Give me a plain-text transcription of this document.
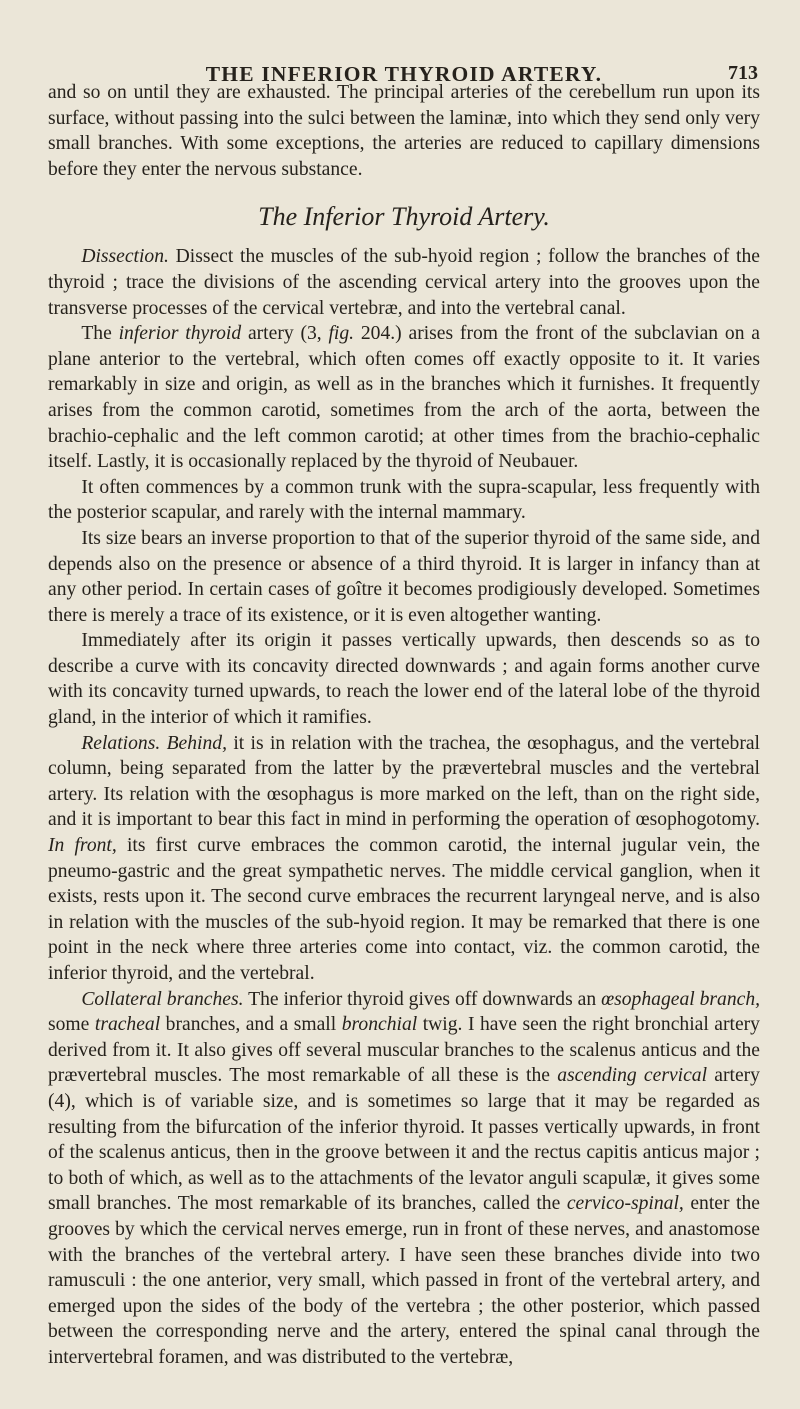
THE INFERIOR THYROID ARTERY.	713

and so on until they are exhausted. The principal arteries of the cerebellum run upon its surface, without passing into the sulci between the laminæ, into which they send only very small branches. With some exceptions, the arteries are reduced to capillary dimensions before they enter the nervous substance.

The Inferior Thyroid Artery.

Dissection. Dissect the muscles of the sub-hyoid region ; follow the branches of the thyroid ; trace the divisions of the ascending cervical artery into the grooves upon the transverse processes of the cervical vertebræ, and into the vertebral canal.

The inferior thyroid artery (3, fig. 204.) arises from the front of the subclavian on a plane anterior to the vertebral, which often comes off exactly opposite to it. It varies remarkably in size and origin, as well as in the branches which it furnishes. It frequently arises from the common carotid, sometimes from the arch of the aorta, between the brachio-cephalic and the left common carotid; at other times from the brachio-cephalic itself. Lastly, it is occasionally replaced by the thyroid of Neubauer.

It often commences by a common trunk with the supra-scapular, less frequently with the posterior scapular, and rarely with the internal mammary.

Its size bears an inverse proportion to that of the superior thyroid of the same side, and depends also on the presence or absence of a third thyroid. It is larger in infancy than at any other period. In certain cases of goître it becomes prodigiously developed. Sometimes there is merely a trace of its existence, or it is even altogether wanting.

Immediately after its origin it passes vertically upwards, then descends so as to describe a curve with its concavity directed downwards ; and again forms another curve with its concavity turned upwards, to reach the lower end of the lateral lobe of the thyroid gland, in the interior of which it ramifies.

Relations. Behind, it is in relation with the trachea, the œsophagus, and the vertebral column, being separated from the latter by the prævertebral muscles and the vertebral artery. Its relation with the œsophagus is more marked on the left, than on the right side, and it is important to bear this fact in mind in performing the operation of œsophogotomy. In front, its first curve embraces the common carotid, the internal jugular vein, the pneumo-gastric and the great sympathetic nerves. The middle cervical ganglion, when it exists, rests upon it. The second curve embraces the recurrent laryngeal nerve, and is also in relation with the muscles of the sub-hyoid region. It may be remarked that there is one point in the neck where three arteries come into contact, viz. the common carotid, the inferior thyroid, and the vertebral.

Collateral branches. The inferior thyroid gives off downwards an œsophageal branch, some tracheal branches, and a small bronchial twig. I have seen the right bronchial artery derived from it. It also gives off several muscular branches to the scalenus anticus and the prævertebral muscles. The most remarkable of all these is the ascending cervical artery (4), which is of variable size, and is sometimes so large that it may be regarded as resulting from the bifurcation of the inferior thyroid. It passes vertically upwards, in front of the scalenus anticus, then in the groove between it and the rectus capitis anticus major ; to both of which, as well as to the attachments of the levator anguli scapulæ, it gives some small branches. The most remarkable of its branches, called the cervico-spinal, enter the grooves by which the cervical nerves emerge, run in front of these nerves, and anastomose with the branches of the vertebral artery. I have seen these branches divide into two ramusculi : the one anterior, very small, which passed in front of the vertebral artery, and emerged upon the sides of the body of the vertebra ; the other posterior, which passed between the corresponding nerve and the artery, entered the spinal canal through the intervertebral foramen, and was distributed to the vertebræ,
